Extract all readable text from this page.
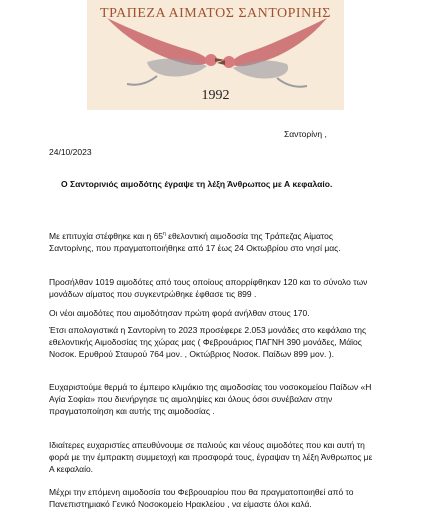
ΤΡΑΠΕΖΑ ΑΙΜΑΤΟΣ ΣΑΝΤΟΡΙΝΗΣ
1992
Σαντορίνη ,
24/10/2023
Ο Σαντορινιός αιμοδότης έγραψε τη λέξη Άνθρωπος με Α κεφαλαίο.
Με επιτυχία στέφθηκε και η $65^\eta$ εθελοντική αιμοδοσία της Τράπεζας Αίματος Σαντορίνης, που πραγματοποιήθηκε από 17 έως 24 Οκτωβρίου στο νησί μας.
Προσήλθαν 1019 αιμοδότες από τους οποίους απορρίφθηκαν 120 και το σύνολο των μονάδων αίματος που συγκεντρώθηκε έφθασε τις 899 .
Οι νέοι αιμοδότες που αιμοδότησαν πρώτη φορά ανήλθαν στους 170.
Έτσι απολογιστικά η Σαντορίνη το 2023 προσέφερε 2.053 μονάδες στο κεφάλαιο της εθελοντικής Αιμοδοσίας της χώρας μας ( Φεβρουάριος ΠΑΓΝΗ 390 μονάδες, Μάϊος Νοσοκ. Ερυθρού Σταυρού 764 μον. , Οκτώβριος Νοσοκ. Παίδων 899 μον. ).
Ευχαριστούμε θερμά το έμπειρο κλιμάκιο της αιμοδοσίας του νοσοκομείου Παίδων «Η Αγία Σοφία» που διενήργησε τις αιμοληψίες και όλους όσοι συνέβαλαν στην πραγματοποίηση και αυτής της αιμοδοσίας .
Ιδιαίτερες ευχαριστίες απευθύνουμε σε παλιούς και νέους αιμοδότες που και αυτή τη φορά με την έμπρακτη συμμετοχή και προσφορά τους, έγραψαν τη λέξη Άνθρωπος με Α κεφαλαίο.
Μέχρι την επόμενη αιμοδοσία του Φεβρουαρίου που θα πραγματοποιηθεί από το Πανεπιστημιακό Γενικό Νοσοκομείο Ηρακλείου , να είμαστε όλοι καλά.
